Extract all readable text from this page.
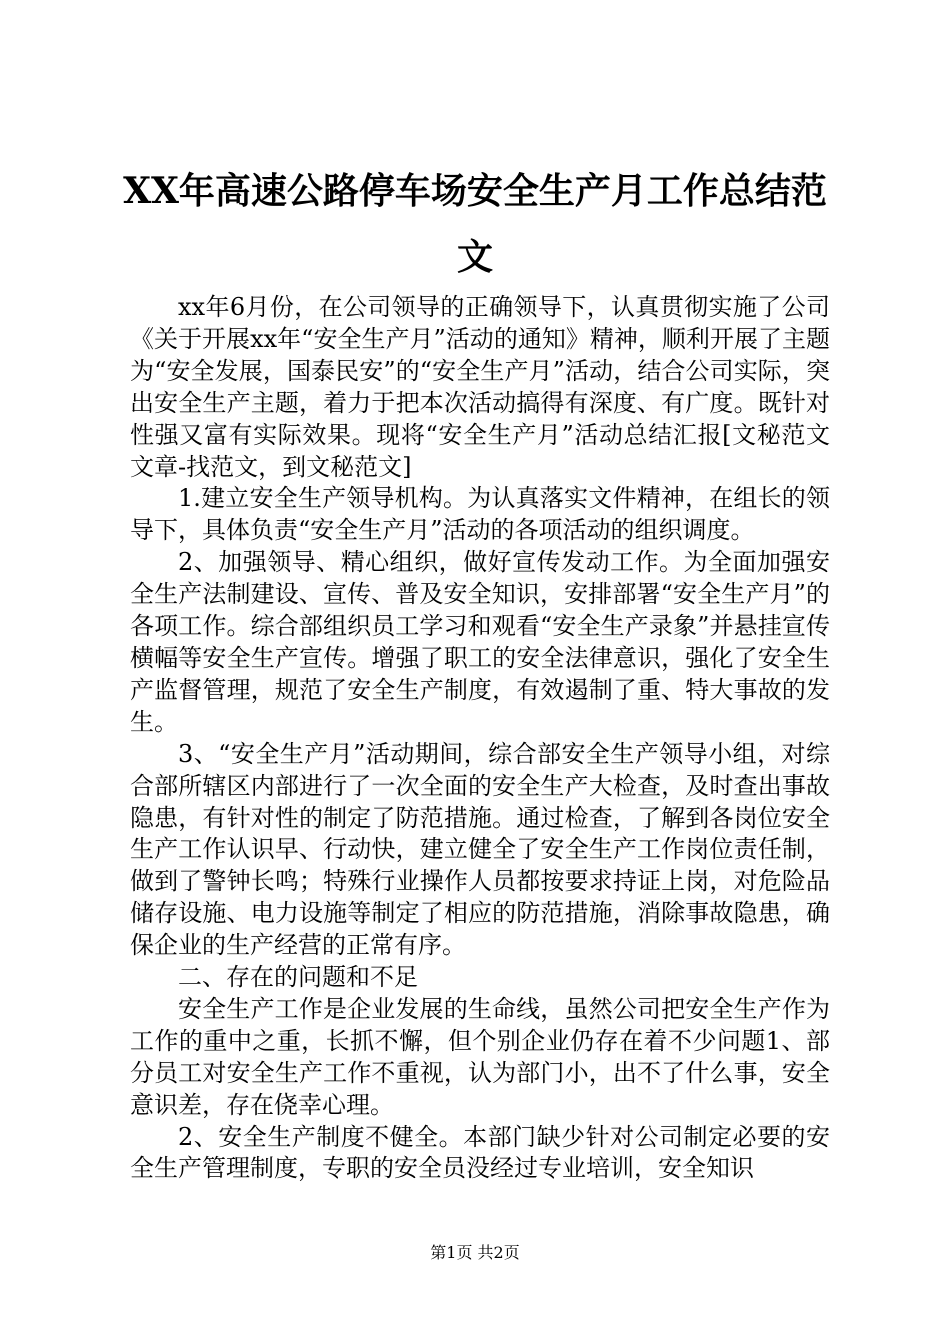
XX年高速公路停车场安全生产月工作总结范文

xx年6月份，在公司领导的正确领导下，认真贯彻实施了公司《关于开展xx年“安全生产月”活动的通知》精神，顺利开展了主题为“安全发展，国泰民安”的“安全生产月”活动，结合公司实际，突出安全生产主题，着力于把本次活动搞得有深度、有广度。既针对性强又富有实际效果。现将“安全生产月”活动总结汇报[文秘范文文章-找范文，到文秘范文]

1.建立安全生产领导机构。为认真落实文件精神，在组长的领导下，具体负责“安全生产月”活动的各项活动的组织调度。

2、加强领导、精心组织，做好宣传发动工作。为全面加强安全生产法制建设、宣传、普及安全知识，安排部署“安全生产月”的各项工作。综合部组织员工学习和观看“安全生产录象”并悬挂宣传横幅等安全生产宣传。增强了职工的安全法律意识，强化了安全生产监督管理，规范了安全生产制度，有效遏制了重、特大事故的发生。

3、“安全生产月”活动期间，综合部安全生产领导小组，对综合部所辖区内部进行了一次全面的安全生产大检查，及时查出事故隐患，有针对性的制定了防范措施。通过检查，了解到各岗位安全生产工作认识早、行动快，建立健全了安全生产工作岗位责任制，做到了警钟长鸣；特殊行业操作人员都按要求持证上岗，对危险品储存设施、电力设施等制定了相应的防范措施，消除事故隐患，确保企业的生产经营的正常有序。

二、存在的问题和不足

安全生产工作是企业发展的生命线，虽然公司把安全生产作为工作的重中之重，长抓不懈，但个别企业仍存在着不少问题1、部分员工对安全生产工作不重视，认为部门小，出不了什么事，安全意识差，存在侥幸心理。

2、安全生产制度不健全。本部门缺少针对公司制定必要的安全生产管理制度，专职的安全员没经过专业培训，安全知识

第1页 共2页
